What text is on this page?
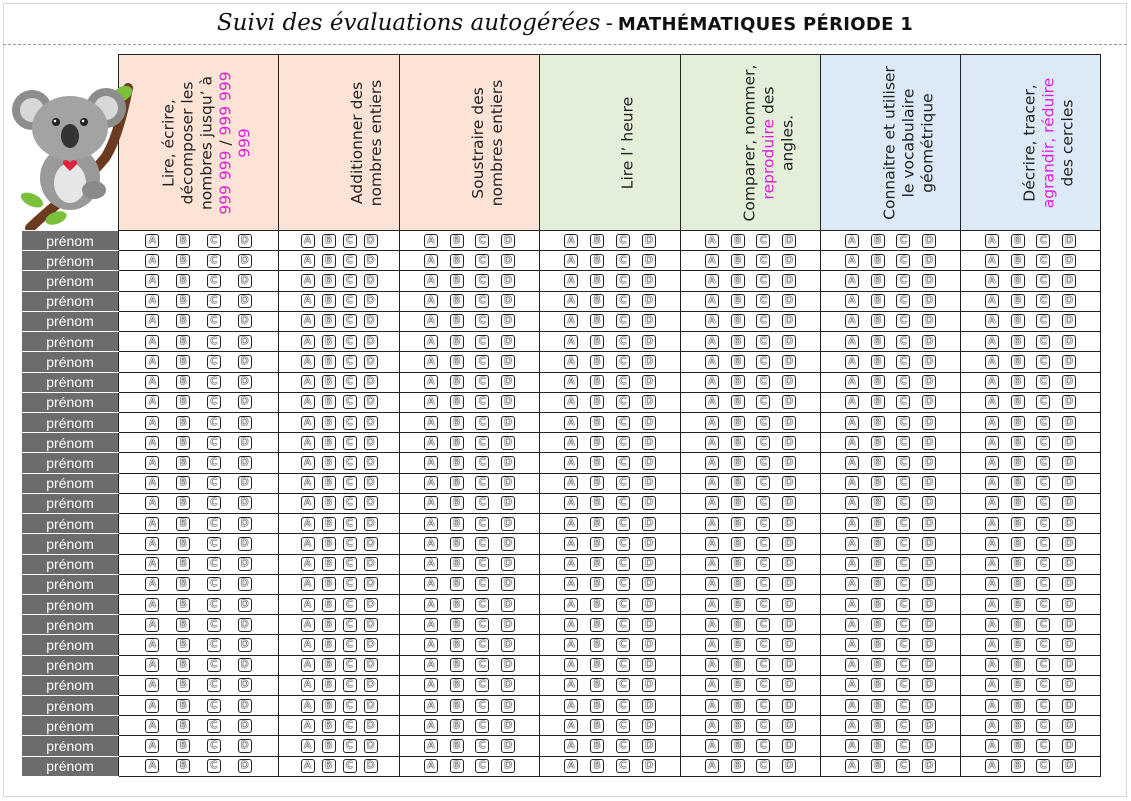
Suivi des évaluations autogérées - MATHÉMATIQUES PÉRIODE 1

	Lire, écrire, décomposer les nombres jusqu’ à 999 999 / 999 999 999	Additionner des nombres entiers	Soustraire des nombres entiers	Lire l’ heure	Comparer, nommer, reproduire des angles.	Connaitre et utiliser le vocabulaire géométrique	Décrire, tracer, agrandir, réduire des cercles

prénom	A B C D	A B C D	A B C D	A B C D	A B C D	A B C D	A B C D

prénom	A B C D	A B C D	A B C D	A B C D	A B C D	A B C D	A B C D

prénom	A B C D	A B C D	A B C D	A B C D	A B C D	A B C D	A B C D

prénom	A B C D	A B C D	A B C D	A B C D	A B C D	A B C D	A B C D

prénom	A B C D	A B C D	A B C D	A B C D	A B C D	A B C D	A B C D

prénom	A B C D	A B C D	A B C D	A B C D	A B C D	A B C D	A B C D

prénom	A B C D	A B C D	A B C D	A B C D	A B C D	A B C D	A B C D

prénom	A B C D	A B C D	A B C D	A B C D	A B C D	A B C D	A B C D

prénom	A B C D	A B C D	A B C D	A B C D	A B C D	A B C D	A B C D

prénom	A B C D	A B C D	A B C D	A B C D	A B C D	A B C D	A B C D

prénom	A B C D	A B C D	A B C D	A B C D	A B C D	A B C D	A B C D

prénom	A B C D	A B C D	A B C D	A B C D	A B C D	A B C D	A B C D

prénom	A B C D	A B C D	A B C D	A B C D	A B C D	A B C D	A B C D

prénom	A B C D	A B C D	A B C D	A B C D	A B C D	A B C D	A B C D

prénom	A B C D	A B C D	A B C D	A B C D	A B C D	A B C D	A B C D

prénom	A B C D	A B C D	A B C D	A B C D	A B C D	A B C D	A B C D

prénom	A B C D	A B C D	A B C D	A B C D	A B C D	A B C D	A B C D

prénom	A B C D	A B C D	A B C D	A B C D	A B C D	A B C D	A B C D

prénom	A B C D	A B C D	A B C D	A B C D	A B C D	A B C D	A B C D

prénom	A B C D	A B C D	A B C D	A B C D	A B C D	A B C D	A B C D

prénom	A B C D	A B C D	A B C D	A B C D	A B C D	A B C D	A B C D

prénom	A B C D	A B C D	A B C D	A B C D	A B C D	A B C D	A B C D

prénom	A B C D	A B C D	A B C D	A B C D	A B C D	A B C D	A B C D

prénom	A B C D	A B C D	A B C D	A B C D	A B C D	A B C D	A B C D

prénom	A B C D	A B C D	A B C D	A B C D	A B C D	A B C D	A B C D

prénom	A B C D	A B C D	A B C D	A B C D	A B C D	A B C D	A B C D

prénom	A B C D	A B C D	A B C D	A B C D	A B C D	A B C D	A B C D
